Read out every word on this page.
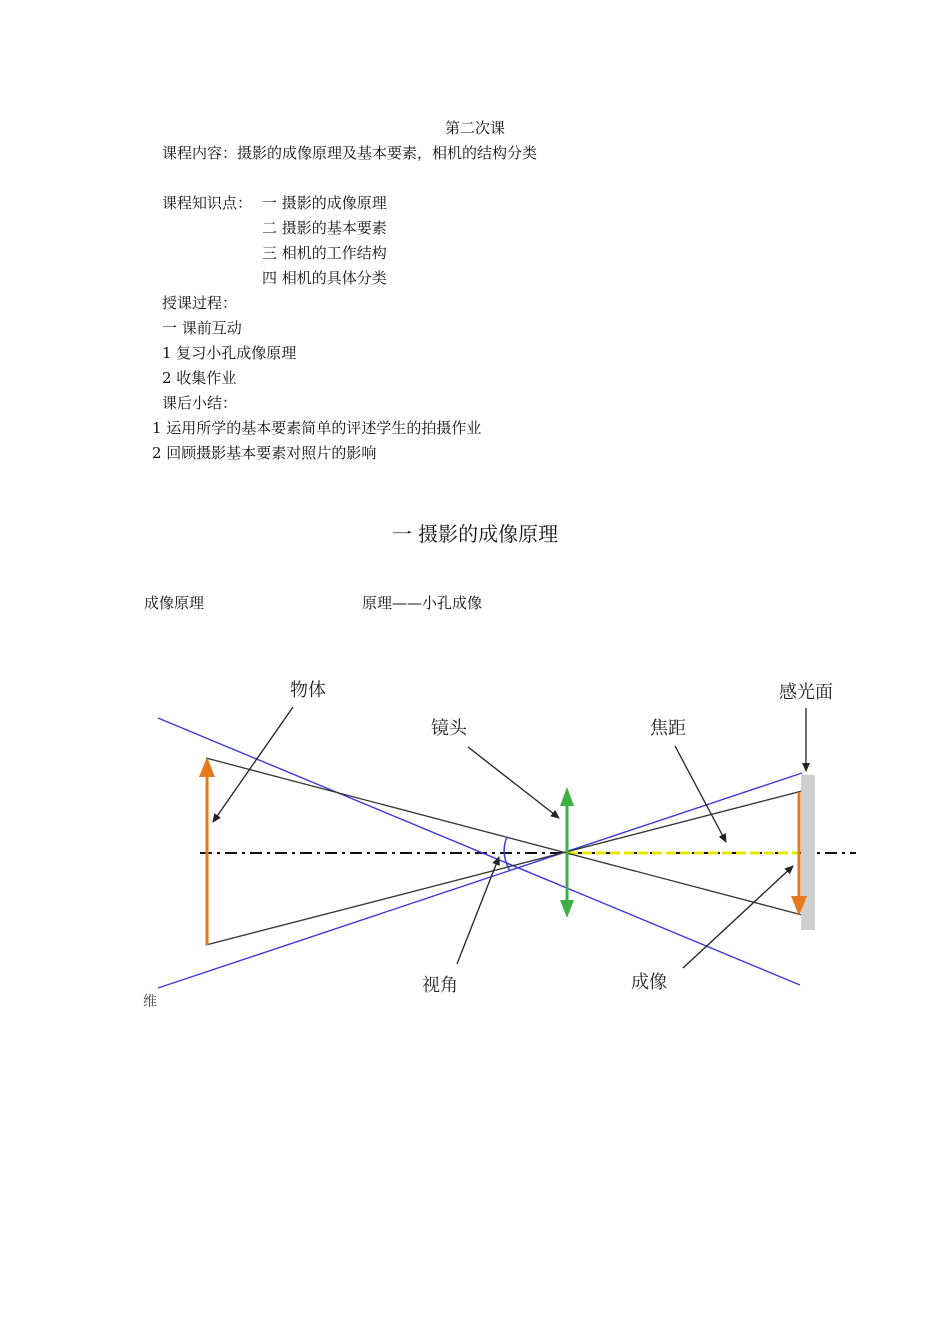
第二次课
课程内容：摄影的成像原理及基本要素，相机的结构分类
课程知识点： 一 摄影的成像原理
二 摄影的基本要素
三 相机的工作结构
四 相机的具体分类
授课过程：
一 课前互动
1 复习小孔成像原理
2 收集作业
课后小结：
1 运用所学的基本要素简单的评述学生的拍摄作业
2 回顾摄影基本要素对照片的影响
一 摄影的成像原理
成像原理	原理——小孔成像
维
物体
镜头	焦距
感光面
视角	成像
